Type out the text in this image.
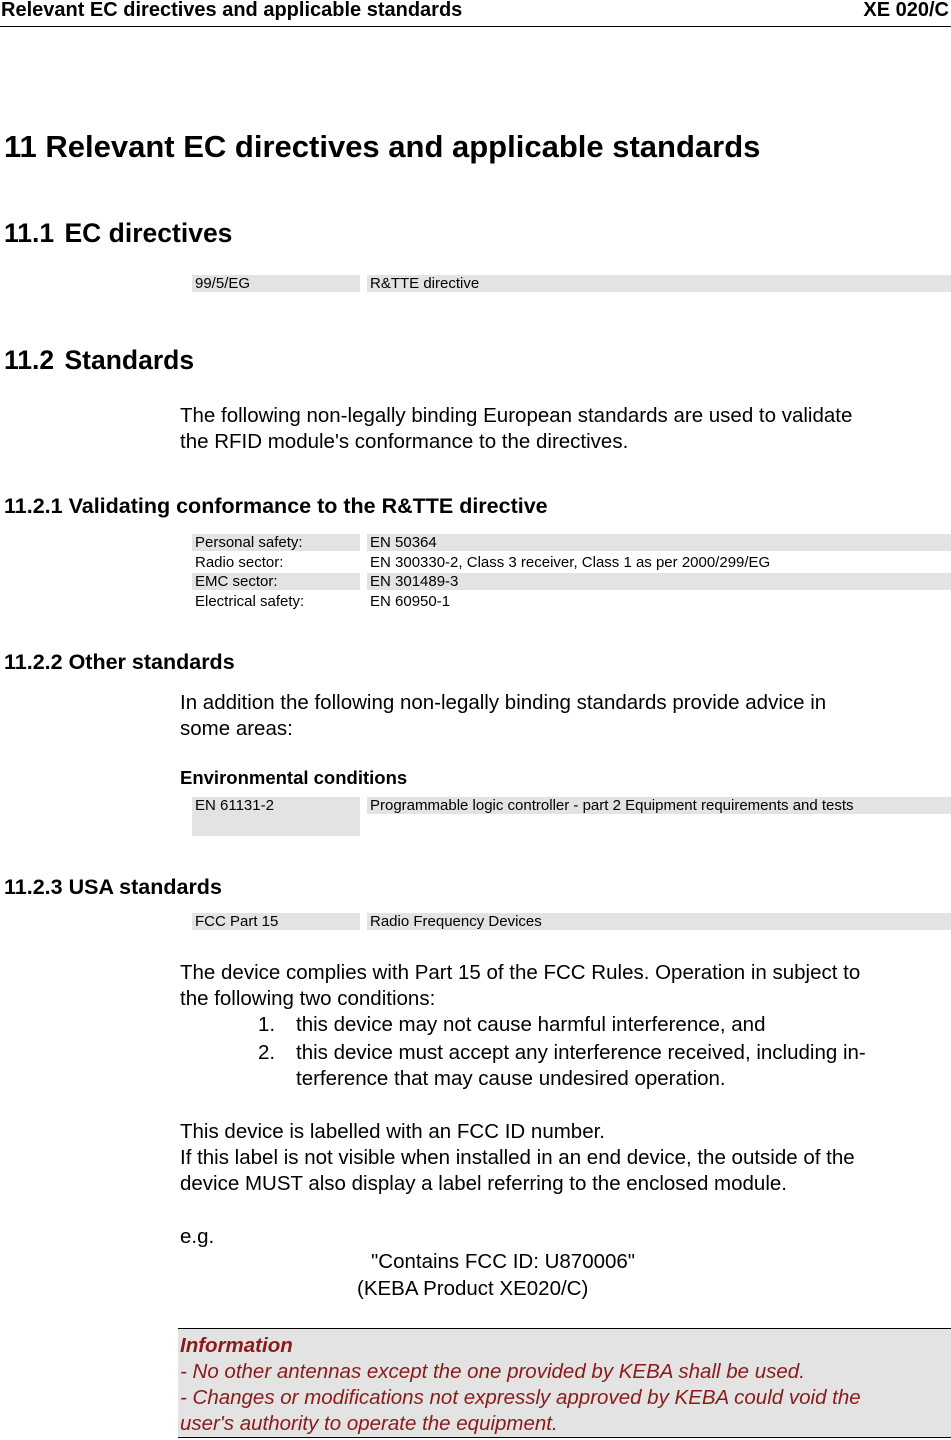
Relevant EC directives and applicable standards	XE 020/C
11 Relevant EC directives and applicable standards
11.1 EC directives
99/5/EG	R&TTE directive
11.2 Standards
The following non-legally binding European standards are used to validate
the RFID module's conformance to the directives.
11.2.1 Validating conformance to the R&TTE directive
Personal safety:	EN 50364
Radio sector:	EN 300330-2, Class 3 receiver, Class 1 as per 2000/299/EG
EMC sector:	EN 301489-3
Electrical safety:	EN 60950-1
11.2.2 Other standards
In addition the following non-legally binding standards provide advice in
some areas:
Environmental conditions
EN 61131-2	Programmable logic controller - part 2 Equipment requirements and tests
11.2.3 USA standards
FCC Part 15	Radio Frequency Devices
The device complies with Part 15 of the FCC Rules. Operation in subject to
the following two conditions:
1. this device may not cause harmful interference, and
2. this device must accept any interference received, including in-
terference that may cause undesired operation.
This device is labelled with an FCC ID number.
If this label is not visible when installed in an end device, the outside of the
device MUST also display a label referring to the enclosed module.
e.g.
"Contains FCC ID: U870006"
(KEBA Product XE020/C)
Information
- No other antennas except the one provided by KEBA shall be used.
- Changes or modifications not expressly approved by KEBA could void the
user's authority to operate the equipment.
